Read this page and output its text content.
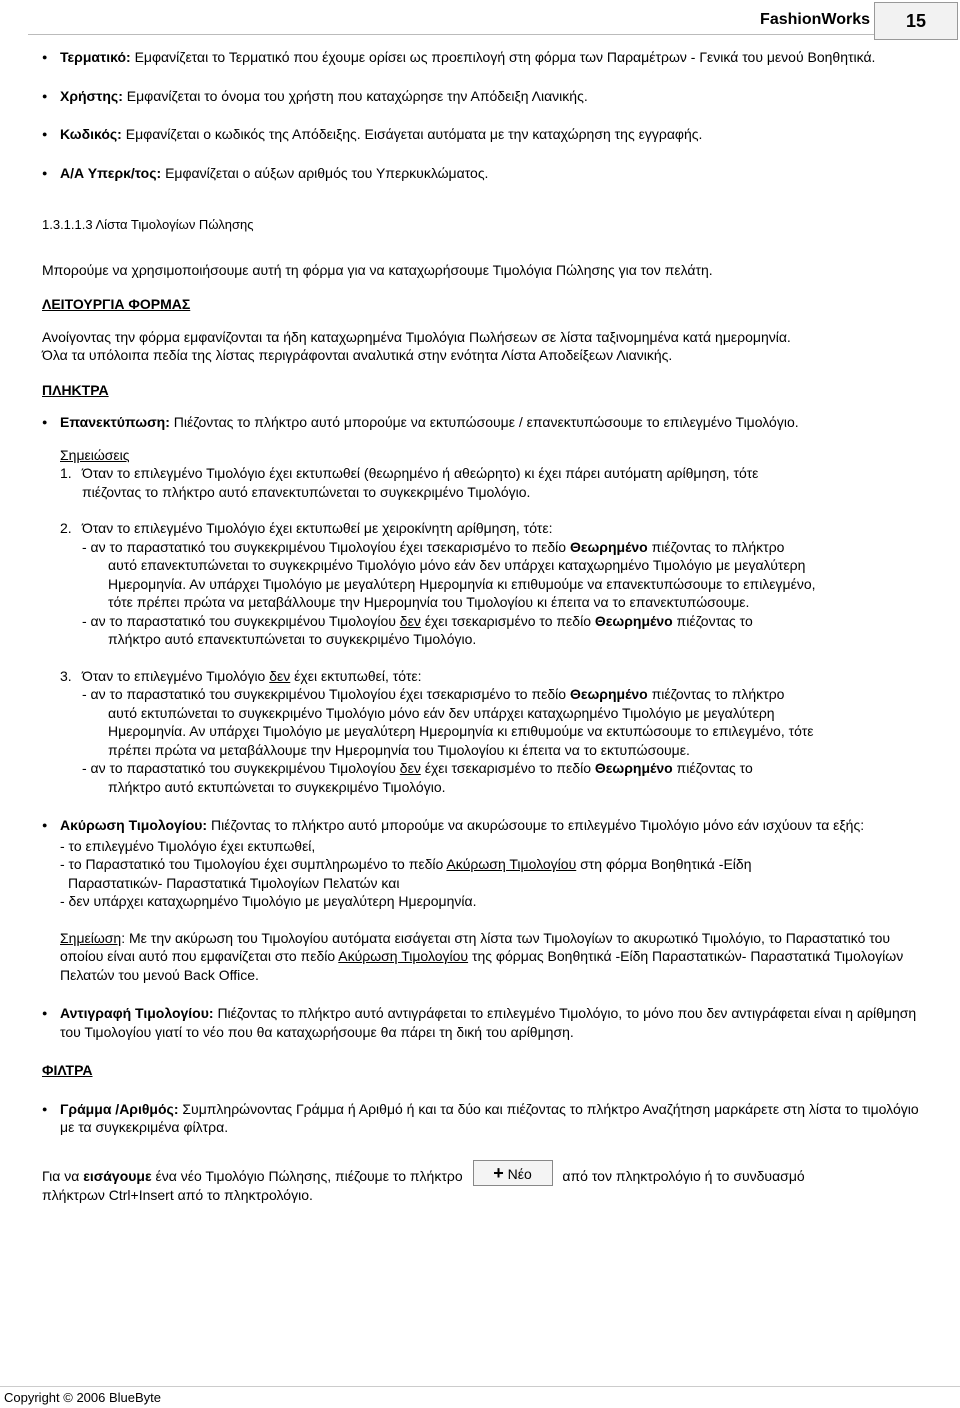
FashionWorks	15
● Τερματικό: Εμφανίζεται το Τερματικό που έχουμε ορίσει ως προεπιλογή στη φόρμα των Παραμέτρων - Γενικά του μενού Βοηθητικά.
● Χρήστης: Εμφανίζεται το όνομα του χρήστη που καταχώρησε την Απόδειξη Λιανικής.
● Κωδικός: Εμφανίζεται ο κωδικός της Απόδειξης. Εισάγεται αυτόματα με την καταχώρηση της εγγραφής.
● Α/Α Υπερκ/τος: Εμφανίζεται ο αύξων αριθμός του Υπερκυκλώματος.
1.3.1.1.3 Λίστα Τιμολογίων Πώλησης

Μπορούμε να χρησιμοποιήσουμε αυτή τη φόρμα για να καταχωρήσουμε Τιμολόγια Πώλησης για τον πελάτη.

ΛΕΙΤΟΥΡΓΙΑ ΦΟΡΜΑΣ

Ανοίγοντας την φόρμα εμφανίζονται τα ήδη καταχωρημένα Τιμολόγια Πωλήσεων σε λίστα ταξινομημένα κατά ημερομηνία.
Όλα τα υπόλοιπα πεδία της λίστας περιγράφονται αναλυτικά στην ενότητα Λίστα Αποδείξεων Λιανικής.

ΠΛΗΚΤΡΑ
● Επανεκτύπωση: Πιέζοντας το πλήκτρο αυτό μπορούμε να εκτυπώσουμε / επανεκτυπώσουμε το επιλεγμένο Τιμολόγιο.
Σημειώσεις
1. Όταν το επιλεγμένο Τιμολόγιο έχει εκτυπωθεί (θεωρημένο ή αθεώρητο) κι έχει πάρει αυτόματη αρίθμηση, τότε
πιέζοντας το πλήκτρο αυτό επανεκτυπώνεται το συγκεκριμένο Τιμολόγιο.
2. Όταν το επιλεγμένο Τιμολόγιο έχει εκτυπωθεί με χειροκίνητη αρίθμηση, τότε:
- αν το παραστατικό του συγκεκριμένου Τιμολογίου έχει τσεκαρισμένο το πεδίο Θεωρημένο πιέζοντας το πλήκτρο
αυτό επανεκτυπώνεται το συγκεκριμένο Τιμολόγιο μόνο εάν δεν υπάρχει καταχωρημένο Τιμολόγιο με μεγαλύτερη
Ημερομηνία. Αν υπάρχει Τιμολόγιο με μεγαλύτερη Ημερομηνία κι επιθυμούμε να επανεκτυπώσουμε το επιλεγμένο,
τότε πρέπει πρώτα να μεταβάλλουμε την Ημερομηνία του Τιμολογίου κι έπειτα να το επανεκτυπώσουμε.
- αν το παραστατικό του συγκεκριμένου Τιμολογίου δεν έχει τσεκαρισμένο το πεδίο Θεωρημένο πιέζοντας το
πλήκτρο αυτό επανεκτυπώνεται το συγκεκριμένο Τιμολόγιο.
3. Όταν το επιλεγμένο Τιμολόγιο δεν έχει εκτυπωθεί, τότε:
- αν το παραστατικό του συγκεκριμένου Τιμολογίου έχει τσεκαρισμένο το πεδίο Θεωρημένο πιέζοντας το πλήκτρο
αυτό εκτυπώνεται το συγκεκριμένο Τιμολόγιο μόνο εάν δεν υπάρχει καταχωρημένο Τιμολόγιο με μεγαλύτερη
Ημερομηνία. Αν υπάρχει Τιμολόγιο με μεγαλύτερη Ημερομηνία κι επιθυμούμε να εκτυπώσουμε το επιλεγμένο, τότε
πρέπει πρώτα να μεταβάλλουμε την Ημερομηνία του Τιμολογίου κι έπειτα να το εκτυπώσουμε.
- αν το παραστατικό του συγκεκριμένου Τιμολογίου δεν έχει τσεκαρισμένο το πεδίο Θεωρημένο πιέζοντας το
πλήκτρο αυτό εκτυπώνεται το συγκεκριμένο Τιμολόγιο.
● Ακύρωση Τιμολογίου: Πιέζοντας το πλήκτρο αυτό μπορούμε να ακυρώσουμε το επιλεγμένο Τιμολόγιο μόνο εάν ισχύουν τα εξής:
- το επιλεγμένο Τιμολόγιο έχει εκτυπωθεί,
- το Παραστατικό του Τιμολογίου έχει συμπληρωμένο το πεδίο Ακύρωση Τιμολογίου στη φόρμα Βοηθητικά -Είδη
Παραστατικών- Παραστατικά Τιμολογίων Πελατών και
- δεν υπάρχει καταχωρημένο Τιμολόγιο με μεγαλύτερη Ημερομηνία.

Σημείωση: Με την ακύρωση του Τιμολογίου αυτόματα εισάγεται στη λίστα των Τιμολογίων το ακυρωτικό Τιμολόγιο, το Παραστατικό του οποίου είναι αυτό που εμφανίζεται στο πεδίο Ακύρωση Τιμολογίου της φόρμας Βοηθητικά -Είδη Παραστατικών- Παραστατικά Τιμολογίων Πελατών του μενού Back Office.

● Αντιγραφή Τιμολογίου: Πιέζοντας το πλήκτρο αυτό αντιγράφεται το επιλεγμένο Τιμολόγιο, το μόνο που δεν αντιγράφεται είναι η αρίθμηση του Τιμολογίου γιατί το νέο που θα καταχωρήσουμε θα πάρει τη δική του αρίθμηση.
ΦΙΛΤΡΑ
● Γράμμα /Αριθμός: Συμπληρώνοντας Γράμμα ή Αριθμό ή και τα δύο και πιέζοντας το πλήκτρο Αναζήτηση μαρκάρετε στη λίστα το τιμολόγιο με τα συγκεκριμένα φίλτρα.

Για να εισάγουμε ένα νέο Τιμολόγιο Πώλησης, πιέζουμε το πλήκτρο + Νέο από τον πληκτρολόγιο ή το συνδυασμό
πλήκτρων Ctrl+Insert από το πληκτρολόγιο.

Copyright © 2006 BlueByte
